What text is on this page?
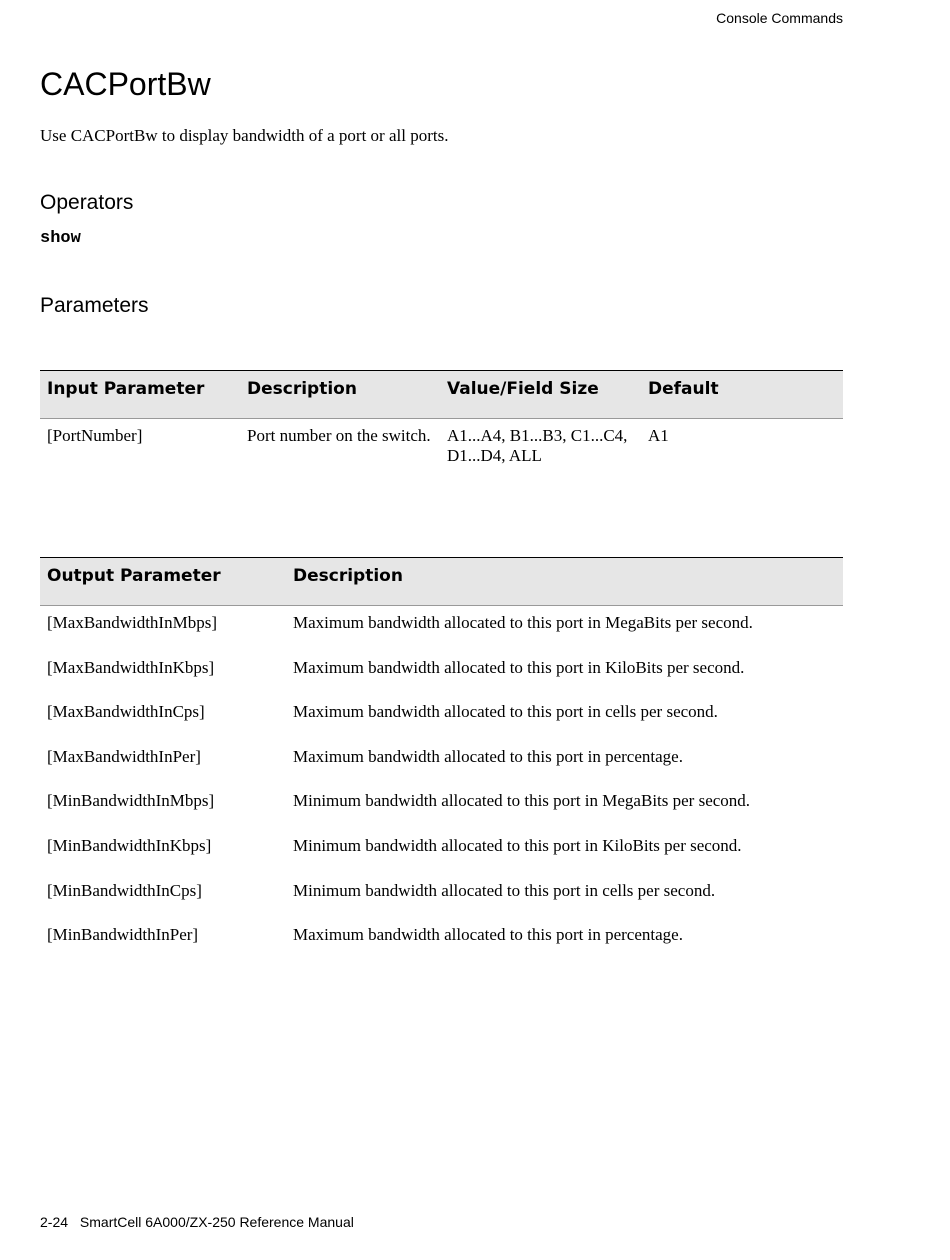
Console Commands
CACPortBw

Use CACPortBw to display bandwidth of a port or all ports.

Operators
show
Parameters
Input Parameter	Description	Value/Field Size	Default
[PortNumber]	Port number on the switch.	A1...A4, B1...B3, C1...C4, D1...D4, ALL	A1
Output Parameter	Description
[MaxBandwidthInMbps]	Maximum bandwidth allocated to this port in MegaBits per second.
[MaxBandwidthInKbps]	Maximum bandwidth allocated to this port in KiloBits per second.
[MaxBandwidthInCps]	Maximum bandwidth allocated to this port in cells per second.
[MaxBandwidthInPer]	Maximum bandwidth allocated to this port in percentage.
[MinBandwidthInMbps]	Minimum bandwidth allocated to this port in MegaBits per second.
[MinBandwidthInKbps]	Minimum bandwidth allocated to this port in KiloBits per second.
[MinBandwidthInCps]	Minimum bandwidth allocated to this port in cells per second.
[MinBandwidthInPer]	Maximum bandwidth allocated to this port in percentage.
2-24 SmartCell 6A000/ZX-250 Reference Manual
